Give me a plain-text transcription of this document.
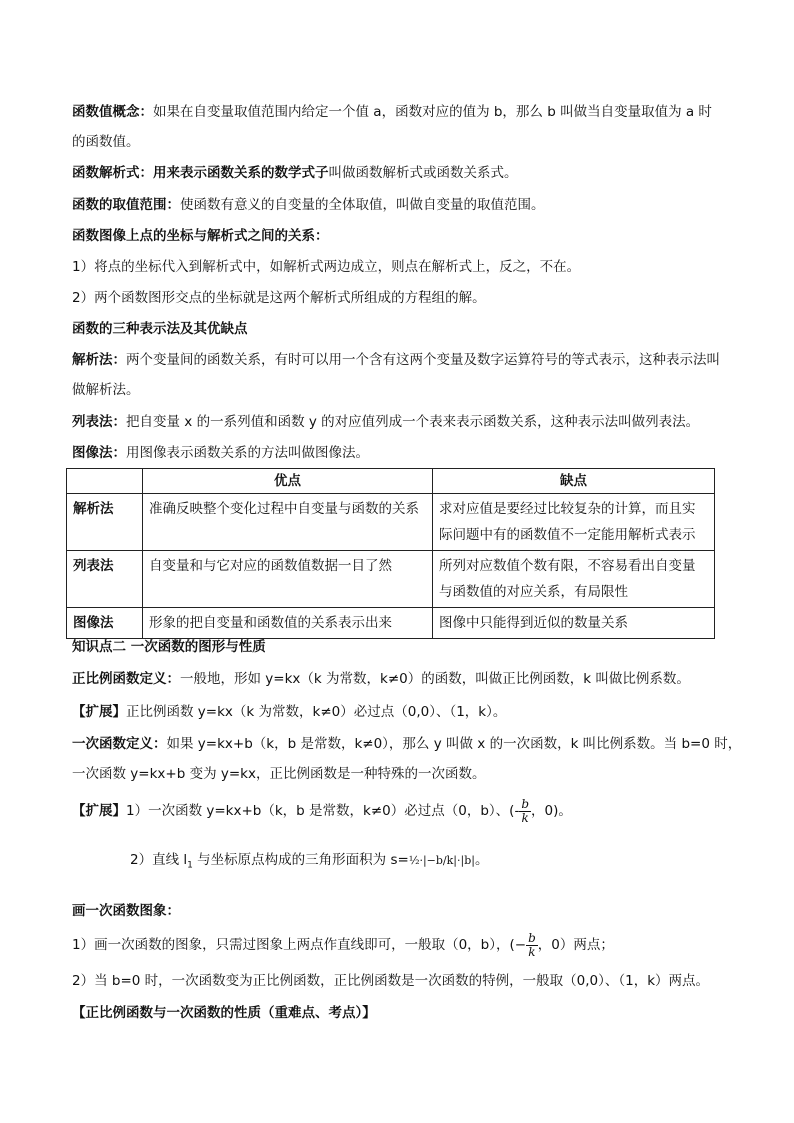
函数值概念：如果在自变量取值范围内给定一个值 a，函数对应的值为 b，那么 b 叫做当自变量取值为 a 时的函数值。
函数解析式：用来表示函数关系的数学式子叫做函数解析式或函数关系式。
函数的取值范围：使函数有意义的自变量的全体取值，叫做自变量的取值范围。
函数图像上点的坐标与解析式之间的关系：
1）将点的坐标代入到解析式中，如解析式两边成立，则点在解析式上，反之，不在。
2）两个函数图形交点的坐标就是这两个解析式所组成的方程组的解。
函数的三种表示法及其优缺点
解析法：两个变量间的函数关系，有时可以用一个含有这两个变量及数字运算符号的等式表示，这种表示法叫做解析法。
列表法：把自变量 x 的一系列值和函数 y 的对应值列成一个表来表示函数关系，这种表示法叫做列表法。
图像法：用图像表示函数关系的方法叫做图像法。
	优点	缺点
解析法	准确反映整个变化过程中自变量与函数的关系	求对应值是要经过比较复杂的计算，而且实际问题中有的函数值不一定能用解析式表示
列表法	自变量和与它对应的函数值数据一目了然	所列对应数值个数有限，不容易看出自变量与函数值的对应关系，有局限性
图像法	形象的把自变量和函数值的关系表示出来	图像中只能得到近似的数量关系
知识点二 一次函数的图形与性质
正比例函数定义：一般地，形如 y=kx（k 为常数，k≠0）的函数，叫做正比例函数，k 叫做比例系数。
【扩展】正比例函数 y=kx（k 为常数，k≠0）必过点（0,0）、（1，k）。
一次函数定义：如果 y=kx+b（k，b 是常数，k≠0），那么 y 叫做 x 的一次函数，k 叫比例系数。当 b=0 时，
一次函数 y=kx+b 变为 y=kx，正比例函数是一种特殊的一次函数。
【扩展】1）一次函数 y=kx+b（k，b 是常数，k≠0）必过点（0，b）、(- $\frac{b}{k}$ ，0)。
2）直线 $l_1$ 与坐标原点构成的三角形面积为 s=½·|−b/k|·|b|。
画一次函数图象：
1）画一次函数的图象，只需过图象上两点作直线即可，一般取（0，b），(− $\frac{b}{k}$ ，0）两点；
2）当 b=0 时，一次函数变为正比例函数，正比例函数是一次函数的特例，一般取（0,0）、（1，k）两点。
【正比例函数与一次函数的性质（重难点、考点）】
